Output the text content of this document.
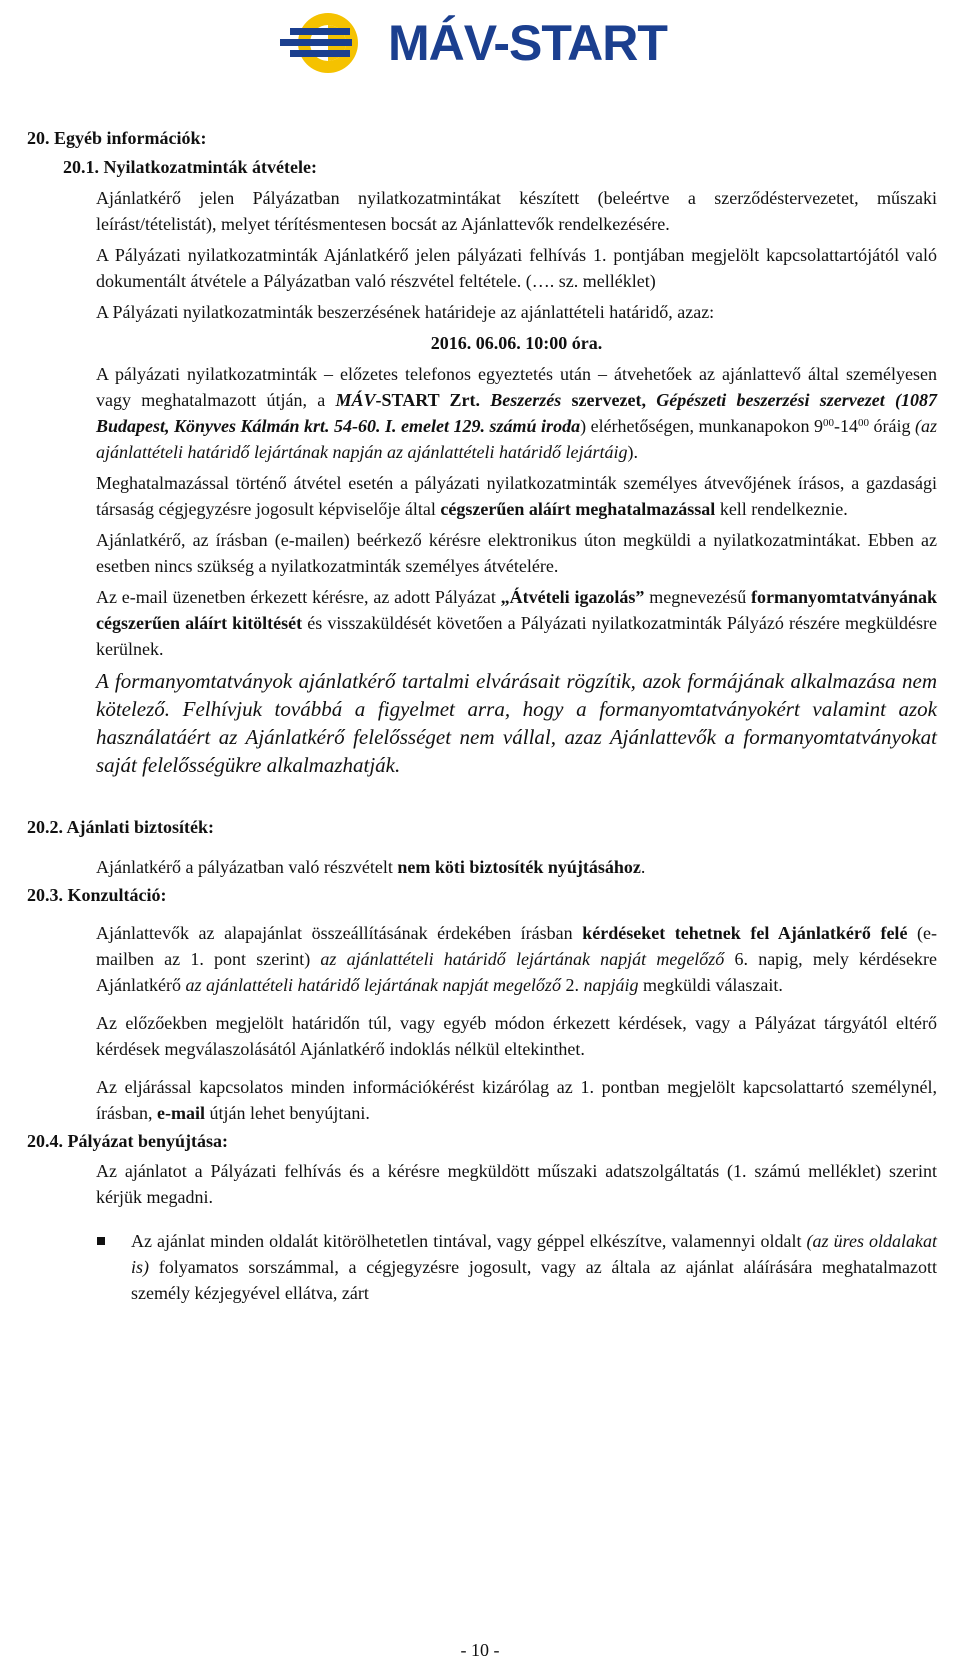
MÁV-START
20. Egyéb információk:
20.1. Nyilatkozatminták átvétele:

Ajánlatkérő jelen Pályázatban nyilatkozatmintákat készített (beleértve a szerződéstervezetet, műszaki leírást/tételistát), melyet térítésmentesen bocsát az Ajánlattevők rendelkezésére.

A Pályázati nyilatkozatminták Ajánlatkérő jelen pályázati felhívás 1. pontjában megjelölt kapcsolattartójától való dokumentált átvétele a Pályázatban való részvétel feltétele. (…. sz. melléklet)

A Pályázati nyilatkozatminták beszerzésének határideje az ajánlattételi határidő, azaz:

2016. 06.06. 10:00 óra.

A pályázati nyilatkozatminták – előzetes telefonos egyeztetés után – átvehetőek az ajánlattevő által személyesen vagy meghatalmazott útján, a MÁV-START Zrt. Beszerzés szervezet, Gépészeti beszerzési szervezet (1087 Budapest, Könyves Kálmán krt. 54-60. I. emelet 129. számú iroda) elérhetőségen, munkanapokon $9^{00}-14^{00}$ óráig (az ajánlattételi határidő lejártának napján az ajánlattételi határidő lejártáig).

Meghatalmazással történő átvétel esetén a pályázati nyilatkozatminták személyes átvevőjének írásos, a gazdasági társaság cégjegyzésre jogosult képviselője által cégszerűen aláírt meghatalmazással kell rendelkeznie.

Ajánlatkérő, az írásban (e-mailen) beérkező kérésre elektronikus úton megküldi a nyilatkozatmintákat. Ebben az esetben nincs szükség a nyilatkozatminták személyes átvételére.

Az e-mail üzenetben érkezett kérésre, az adott Pályázat „Átvételi igazolás” megnevezésű formanyomtatványának cégszerűen aláírt kitöltését és visszaküldését követően a Pályázati nyilatkozatminták Pályázó részére megküldésre kerülnek.

A formanyomtatványok ajánlatkérő tartalmi elvárásait rögzítik, azok formájának alkalmazása nem kötelező. Felhívjuk továbbá a figyelmet arra, hogy a formanyomtatványokért valamint azok használatáért az Ajánlatkérő felelősséget nem vállal, azaz Ajánlattevők a formanyomtatványokat saját felelősségükre alkalmazhatják.

20.2. Ajánlati biztosíték:

Ajánlatkérő a pályázatban való részvételt nem köti biztosíték nyújtásához.

20.3. Konzultáció:

Ajánlattevők az alapajánlat összeállításának érdekében írásban kérdéseket tehetnek fel Ajánlatkérő felé (e-mailben az 1. pont szerint) az ajánlattételi határidő lejártának napját megelőző 6. napig, mely kérdésekre Ajánlatkérő az ajánlattételi határidő lejártának napját megelőző 2. napjáig megküldi válaszait.

Az előzőekben megjelölt határidőn túl, vagy egyéb módon érkezett kérdések, vagy a Pályázat tárgyától eltérő kérdések megválaszolásától Ajánlatkérő indoklás nélkül eltekinthet.

Az eljárással kapcsolatos minden információkérést kizárólag az 1. pontban megjelölt kapcsolattartó személynél, írásban, e-mail útján lehet benyújtani.

20.4. Pályázat benyújtása:

Az ajánlatot a Pályázati felhívás és a kérésre megküldött műszaki adatszolgáltatás (1. számú melléklet) szerint kérjük megadni.

Az ajánlat minden oldalát kitörölhetetlen tintával, vagy géppel elkészítve, valamennyi oldalt (az üres oldalakat is) folyamatos sorszámmal, a cégjegyzésre jogosult, vagy az általa az ajánlat aláírására meghatalmazott személy kézjegyével ellátva, zárt
- 10 -
